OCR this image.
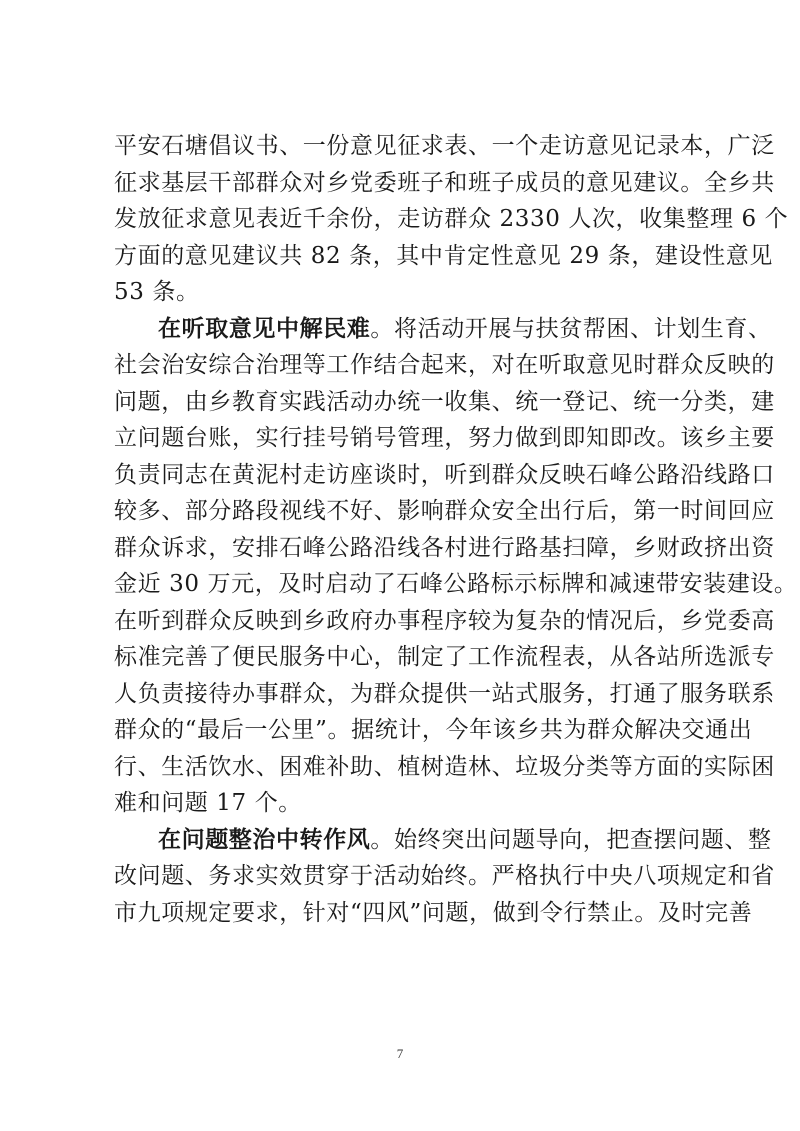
平安石塘倡议书、一份意见征求表、一个走访意见记录本，广泛
征求基层干部群众对乡党委班子和班子成员的意见建议。全乡共
发放征求意见表近千余份，走访群众 2330 人次，收集整理 6 个
方面的意见建议共 82 条，其中肯定性意见 29 条，建设性意见
53 条。
在听取意见中解民难。将活动开展与扶贫帮困、计划生育、
社会治安综合治理等工作结合起来，对在听取意见时群众反映的
问题，由乡教育实践活动办统一收集、统一登记、统一分类，建
立问题台账，实行挂号销号管理，努力做到即知即改。该乡主要
负责同志在黄泥村走访座谈时，听到群众反映石峰公路沿线路口
较多、部分路段视线不好、影响群众安全出行后，第一时间回应
群众诉求，安排石峰公路沿线各村进行路基扫障，乡财政挤出资
金近 30 万元，及时启动了石峰公路标示标牌和减速带安装建设。
在听到群众反映到乡政府办事程序较为复杂的情况后，乡党委高
标准完善了便民服务中心，制定了工作流程表，从各站所选派专
人负责接待办事群众，为群众提供一站式服务，打通了服务联系
群众的“最后一公里”。据统计，今年该乡共为群众解决交通出
行、生活饮水、困难补助、植树造林、垃圾分类等方面的实际困
难和问题 17 个。
在问题整治中转作风。始终突出问题导向，把查摆问题、整
改问题、务求实效贯穿于活动始终。严格执行中央八项规定和省
市九项规定要求，针对“四风”问题，做到令行禁止。及时完善
7
